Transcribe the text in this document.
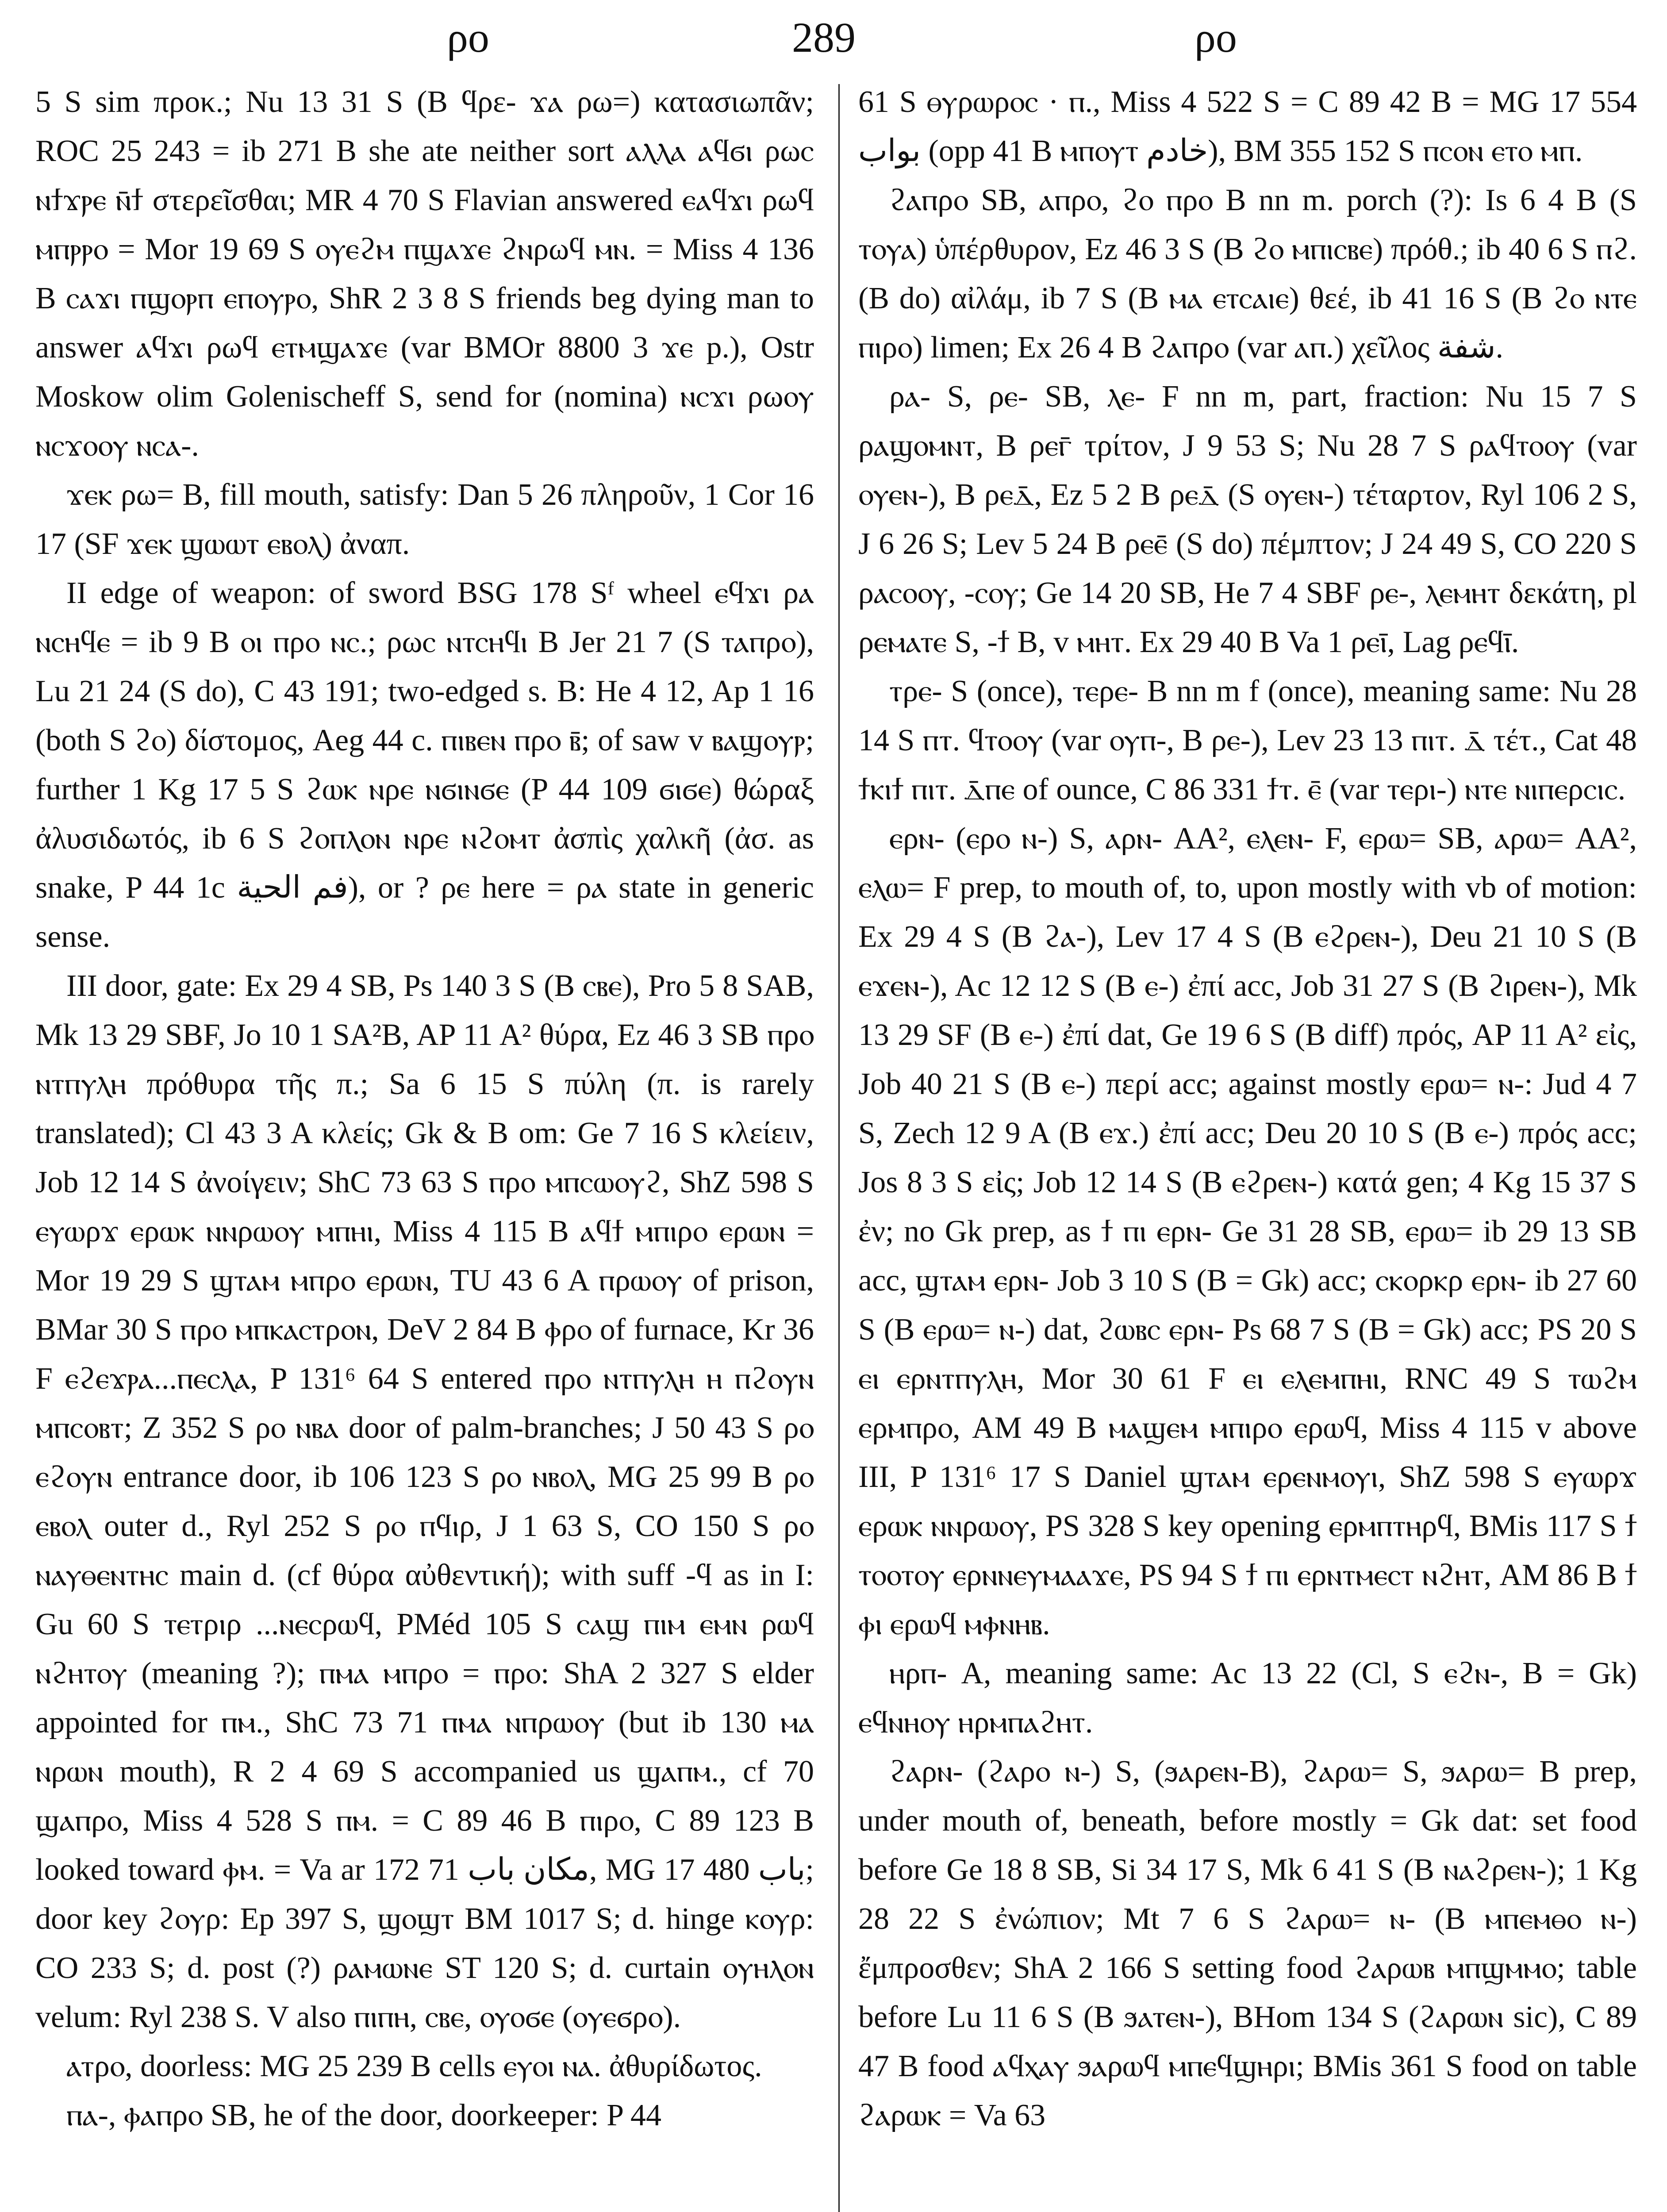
ρο	289	ρο

5 S sim προκ.; Nu 13 31 S (B ϥρε- ϫⲁ ρω=) κατασιωπᾶν; ROC 25 243 = ib 271 B she ate neither sort ⲁⲗⲗⲁ ⲁϥϭⲓ ρωⲥ ⲛϯϫⲣⲉ ⲛ̄ϯ στερεῖσθαι; MR 4 70 S Flavian answered ⲉⲁϥϫⲓ ρωϥ ⲙⲡⲣⲣⲟ = Mor 19 69 S ⲟⲩⲉϩⲙ ⲡϣⲁϫⲉ ϩⲛρωϥ ⲙⲛ. = Miss 4 136 B ⲥⲁϫⲓ ⲡϣⲟⲣⲡ ⲉⲡⲟⲩⲣⲟ, ShR 2 3 8 S friends beg dying man to answer ⲁϥϫⲓ ρωϥ ⲉⲧⲙϣⲁϫⲉ (var BMOr 8800 3 ϫⲉ p.), Ostr Moskow olim Golenischeff S, send for (nomina) ⲛⲥϫⲓ ρωⲟⲩ ⲛⲥϫⲟⲟⲩ ⲛⲥⲁ-.

ϫⲉⲕ ρω= B, fill mouth, satisfy: Dan 5 26 πληροῦν, 1 Cor 16 17 (SF ϫⲉⲕ ϣⲱⲱⲧ ⲉⲃⲟⲗ) ἀναπ.

II edge of weapon: of sword BSG 178 Sᶠ wheel ⲉϥϫⲓ ρⲁ ⲛⲥⲏϥⲉ = ib 9 B ⲟⲓ ⲡρⲟ ⲛⲥ.; ρωⲥ ⲛⲧⲥⲏϥⲓ B Jer 21 7 (S ⲧⲁⲡρⲟ), Lu 21 24 (S do), C 43 191; two-edged s. B: He 4 12, Ap 1 16 (both S ϩⲟ) δίστομος, Aeg 44 c. ⲡⲓⲃⲉⲛ ⲡρⲟ ⲃ̄; of saw v ⲃⲁϣⲟⲩⲣ; further 1 Kg 17 5 S ϩⲱⲕ ⲛρⲉ ⲛϭⲓⲛϭⲉ (P 44 109 ϭⲓϭⲉ) θώραξ ἀλυσιδωτός, ib 6 S ϩⲟⲡⲗⲟⲛ ⲛρⲉ ⲛϩⲟⲙⲧ ἀσπὶς χαλκῆ (ἀσ. as snake, P 44 1c فم الحية), or ? ρⲉ here = ρⲁ state in generic sense.

III door, gate: Ex 29 4 SB, Ps 140 3 S (B ⲥⲃⲉ), Pro 5 8 SAB, Mk 13 29 SBF, Jo 10 1 SA²B, AP 11 A² θύρα, Ez 46 3 SB ⲡρⲟ ⲛⲧⲡⲩⲗⲏ πρόθυρα τῆς π.; Sa 6 15 S πύλη (π. is rarely translated); Cl 43 3 A κλείς; Gk & B om: Ge 7 16 S κλείειν, Job 12 14 S ἀνοίγειν; ShC 73 63 S ⲡρⲟ ⲙⲡⲥⲱⲟⲩϩ, ShZ 598 S ⲉⲩⲱρϫ ⲉρⲱⲕ ⲛⲛρⲱⲟⲩ ⲙⲡⲏⲓ, Miss 4 115 B ⲁϥϯ ⲙⲡⲓρⲟ ⲉρⲱⲛ = Mor 19 29 S ϣⲧⲁⲙ ⲙⲡρⲟ ⲉρⲱⲛ, TU 43 6 A ⲡρⲱⲟⲩ of prison, BMar 30 S ⲡρⲟ ⲙⲡⲕⲁⲥⲧρⲟⲛ, DeV 2 84 B ⲫρⲟ of furnace, Kr 36 F ⲉϩⲉϫⲣⲁ...ⲡⲉⲥⲗⲁ, P 131⁶ 64 S entered ⲡρⲟ ⲛⲧⲡⲩⲗⲏ ⲏ ⲡϩⲟⲩⲛ ⲙⲡⲥⲟⲃⲧ; Z 352 S ρⲟ ⲛⲃⲁ door of palm-branches; J 50 43 S ρⲟ ⲉϩⲟⲩⲛ entrance door, ib 106 123 S ρⲟ ⲛⲃⲟⲗ, MG 25 99 B ρⲟ ⲉⲃⲟⲗ outer d., Ryl 252 S ρⲟ ⲡϥⲓρ, J 1 63 S, CO 150 S ρⲟ ⲛⲁⲩⲑⲉⲛⲧⲏⲥ main d. (cf θύρα αὐθεντική); with suff -ϥ as in I: Gu 60 S ⲧⲉⲧρⲓρ ...ⲛⲉⲥρⲱϥ, PMéd 105 S ⲥⲁϣ ⲡⲓⲙ ⲉⲙⲛ ρⲱϥ ⲛϩⲏⲧⲟⲩ (meaning ?); ⲡⲙⲁ ⲙⲡρⲟ = ⲡρⲟ: ShA 2 327 S elder appointed for ⲡⲙ., ShC 73 71 ⲡⲙⲁ ⲛⲡρⲱⲟⲩ (but ib 130 ⲙⲁ ⲛρⲱⲛ mouth), R 2 4 69 S accompanied us ϣⲁⲡⲙ., cf 70 ϣⲁⲡρⲟ, Miss 4 528 S ⲡⲙ. = C 89 46 B ⲡⲓρⲟ, C 89 123 B looked toward ⲫⲙ. = Va ar 172 71 مكان باب, MG 17 480 باب; door key ϩⲟⲩρ: Ep 397 S, ϣⲟϣⲧ BM 1017 S; d. hinge ⲕⲟⲩρ: CO 233 S; d. post (?) ρⲁⲙⲱⲛⲉ ST 120 S; d. curtain ⲟⲩⲏⲗⲟⲛ velum: Ryl 238 S. V also ⲡⲓⲡⲏ, ⲥⲃⲉ, ⲟⲩⲟϭⲉ (ⲟⲩⲉϭρⲟ).

ⲁⲧρⲟ, doorless: MG 25 239 B cells ⲉⲩⲟⲓ ⲛⲁ. ἀθυρίδωτος.

ⲡⲁ-, ⲫⲁⲡρⲟ SB, he of the door, doorkeeper: P 44

61 S ⲑⲩρⲱρⲟⲥ · ⲡ., Miss 4 522 S = C 89 42 B = MG 17 554 بواب (opp 41 B ⲙⲡⲟⲩⲧ خادم), BM 355 152 S ⲡⲥⲟⲛ ⲉⲧⲟ ⲙⲡ.

ϩⲁⲡρⲟ SB, ⲁⲡρⲟ, ϩⲟ ⲡρⲟ B nn m. porch (?): Is 6 4 B (S ⲧⲟⲩⲁ) ὑπέρθυρον, Ez 46 3 S (B ϩⲟ ⲙⲡⲓⲥⲃⲉ) πρόθ.; ib 40 6 S ⲡϩ. (B do) αἰλάμ, ib 7 S (B ⲙⲁ ⲉⲧⲥⲁⲓⲉ) θεέ, ib 41 16 S (B ϩⲟ ⲛⲧⲉ ⲡⲓρⲟ) limen; Ex 26 4 B ϩⲁⲡρⲟ (var ⲁⲡ.) χεῖλος شفة.

ρⲁ- S, ρⲉ- SB, ⲗⲉ- F nn m, part, fraction: Nu 15 7 S ρⲁϣⲟⲙⲛⲧ, B ρⲉⲅ̄ τρίτον, J 9 53 S; Nu 28 7 S ρⲁϥⲧⲟⲟⲩ (var ⲟⲩⲉⲛ-), B ρⲉⲇ̄, Ez 5 2 B ρⲉⲇ̄ (S ⲟⲩⲉⲛ-) τέταρτον, Ryl 106 2 S, J 6 26 S; Lev 5 24 B ρⲉⲉ̄ (S do) πέμπτον; J 24 49 S, CO 220 S ρⲁⲥⲟⲟⲩ, -ⲥⲟⲩ; Ge 14 20 SB, He 7 4 SBF ρⲉ-, ⲗⲉⲙⲏⲧ δεκάτη, pl ρⲉⲙⲁⲧⲉ S, -ϯ B, v ⲙⲏⲧ. Ex 29 40 B Va 1 ρⲉⲓ̄, Lag ρⲉϥⲓ̄.

ⲧρⲉ- S (once), ⲧⲉρⲉ- B nn m f (once), meaning same: Nu 28 14 S ⲡⲧ. ϥⲧⲟⲟⲩ (var ⲟⲩⲡ-, B ρⲉ-), Lev 23 13 ⲡⲓⲧ. ⲇ̄ τέτ., Cat 48 ϯⲕⲓϯ ⲡⲓⲧ. ⲇ̄ⲡⲉ of ounce, C 86 331 ϯⲧ. ⲉ̄ (var ⲧⲉρⲓ-) ⲛⲧⲉ ⲛⲓⲡⲉρⲥⲓⲥ.

ⲉρⲛ- (ⲉρⲟ ⲛ-) S, ⲁρⲛ- AA², ⲉⲗⲉⲛ- F, ⲉρⲱ= SB, ⲁρⲱ= AA², ⲉⲗⲱ= F prep, to mouth of, to, upon mostly with vb of motion: Ex 29 4 S (B ϩⲁ-), Lev 17 4 S (B ⲉϩρⲉⲛ-), Deu 21 10 S (B ⲉϫⲉⲛ-), Ac 12 12 S (B ⲉ-) ἐπί acc, Job 31 27 S (B ϩⲓρⲉⲛ-), Mk 13 29 SF (B ⲉ-) ἐπί dat, Ge 19 6 S (B diff) πρός, AP 11 A² εἰς, Job 40 21 S (B ⲉ-) περί acc; against mostly ⲉρⲱ= ⲛ-: Jud 4 7 S, Zech 12 9 A (B ⲉϫ.) ἐπί acc; Deu 20 10 S (B ⲉ-) πρός acc; Jos 8 3 S εἰς; Job 12 14 S (B ⲉϩρⲉⲛ-) κατά gen; 4 Kg 15 37 S ἐν; no Gk prep, as ϯ ⲡⲓ ⲉρⲛ- Ge 31 28 SB, ⲉρⲱ= ib 29 13 SB acc, ϣⲧⲁⲙ ⲉρⲛ- Job 3 10 S (B = Gk) acc; ⲥⲕⲟρⲕρ ⲉρⲛ- ib 27 60 S (B ⲉρⲱ= ⲛ-) dat, ϩⲱⲃⲥ ⲉρⲛ- Ps 68 7 S (B = Gk) acc; PS 20 S ⲉⲓ ⲉρⲛⲧⲡⲩⲗⲏ, Mor 30 61 F ⲉⲓ ⲉⲗⲉⲙⲡⲏⲓ, RNC 49 S ⲧⲱϩⲙ ⲉρⲙⲡρⲟ, AM 49 B ⲙⲁϣⲉⲙ ⲙⲡⲓρⲟ ⲉρⲱϥ, Miss 4 115 v above III, P 131⁶ 17 S Daniel ϣⲧⲁⲙ ⲉρⲉⲛⲙⲟⲩⲓ, ShZ 598 S ⲉⲩⲱρϫ ⲉρⲱⲕ ⲛⲛρⲱⲟⲩ, PS 328 S key opening ⲉρⲙⲡⲧⲏρϥ, BMis 117 S ϯ ⲧⲟⲟⲧⲟⲩ ⲉρⲛⲛⲉⲩⲙⲁⲁϫⲉ, PS 94 S ϯ ⲡⲓ ⲉρⲛⲧⲙⲉⲥⲧ ⲛϩⲏⲧ, AM 86 B ϯ ⲫⲓ ⲉρⲱϥ ⲙⲫⲛⲏⲃ.

ⲏρⲡ- A, meaning same: Ac 13 22 (Cl, S ⲉϩⲛ-, B = Gk) ⲉϥⲛⲏⲟⲩ ⲏρⲙⲡⲁϩⲏⲧ.

ϩⲁρⲛ- (ϩⲁρⲟ ⲛ-) S, (ϧⲁρⲉⲛ-B), ϩⲁρⲱ= S, ϧⲁρⲱ= B prep, under mouth of, beneath, before mostly = Gk dat: set food before Ge 18 8 SB, Si 34 17 S, Mk 6 41 S (B ⲛⲁϩρⲉⲛ-); 1 Kg 28 22 S ἐνώπιον; Mt 7 6 S ϩⲁρⲱ= ⲛ- (B ⲙⲡⲉⲙⲑⲟ ⲛ-) ἔμπροσθεν; ShA 2 166 S setting food ϩⲁρⲱⲃ ⲙⲡϣⲙⲙⲟ; table before Lu 11 6 S (B ϧⲁⲧⲉⲛ-), BHom 134 S (ϩⲁρⲱⲛ sic), C 89 47 B food ⲁϥⲭⲁⲩ ϧⲁρⲱϥ ⲙⲡⲉϥϣⲏρⲓ; BMis 361 S food on table ϩⲁρⲱⲕ = Va 63
